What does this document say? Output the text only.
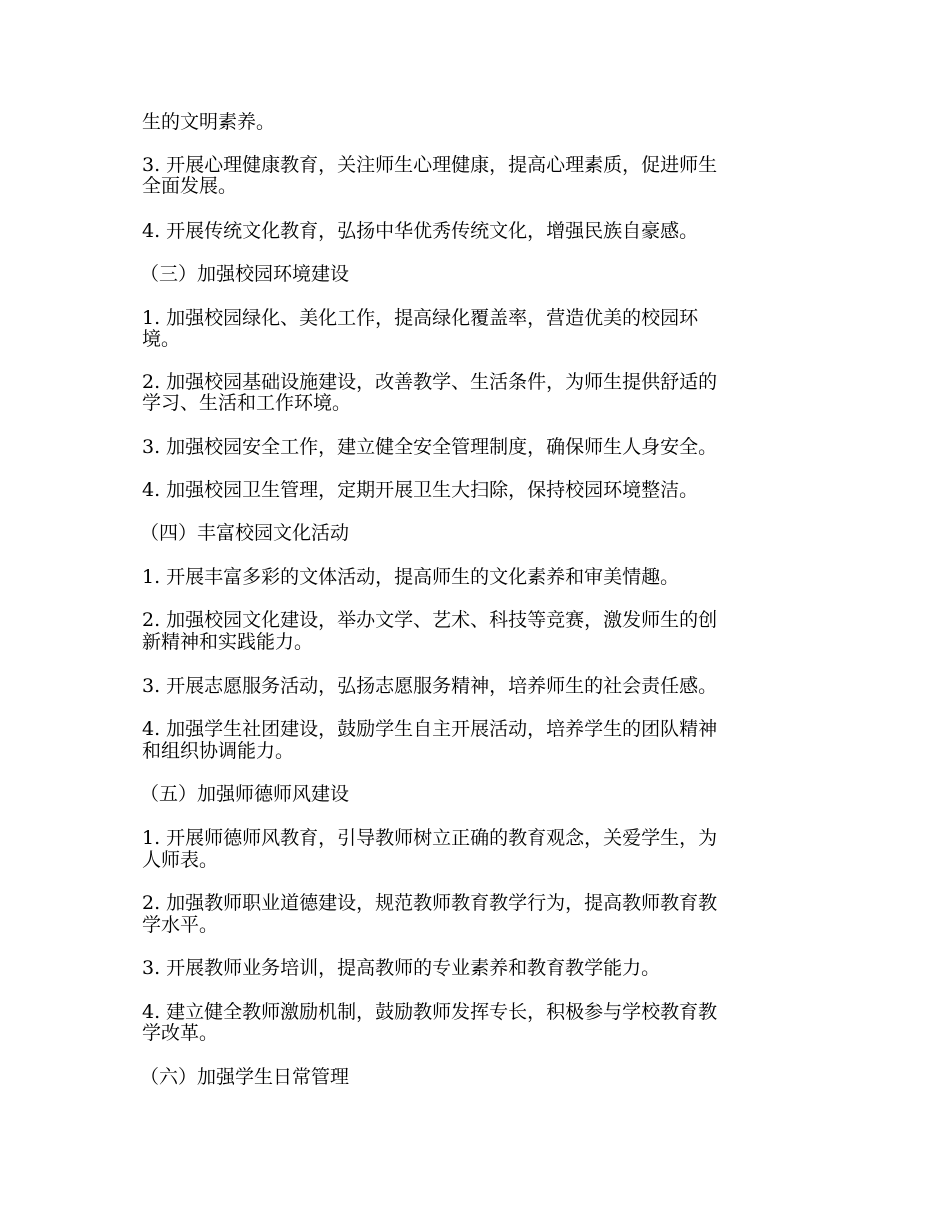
生的文明素养。
3. 开展心理健康教育，关注师生心理健康，提高心理素质，促进师生
全面发展。
4. 开展传统文化教育，弘扬中华优秀传统文化，增强民族自豪感。
（三）加强校园环境建设
1. 加强校园绿化、美化工作，提高绿化覆盖率，营造优美的校园环
境。
2. 加强校园基础设施建设，改善教学、生活条件，为师生提供舒适的
学习、生活和工作环境。
3. 加强校园安全工作，建立健全安全管理制度，确保师生人身安全。
4. 加强校园卫生管理，定期开展卫生大扫除，保持校园环境整洁。
（四）丰富校园文化活动
1. 开展丰富多彩的文体活动，提高师生的文化素养和审美情趣。
2. 加强校园文化建设，举办文学、艺术、科技等竞赛，激发师生的创
新精神和实践能力。
3. 开展志愿服务活动，弘扬志愿服务精神，培养师生的社会责任感。
4. 加强学生社团建设，鼓励学生自主开展活动，培养学生的团队精神
和组织协调能力。
（五）加强师德师风建设
1. 开展师德师风教育，引导教师树立正确的教育观念，关爱学生，为
人师表。
2. 加强教师职业道德建设，规范教师教育教学行为，提高教师教育教
学水平。
3. 开展教师业务培训，提高教师的专业素养和教育教学能力。
4. 建立健全教师激励机制，鼓励教师发挥专长，积极参与学校教育教
学改革。
（六）加强学生日常管理
